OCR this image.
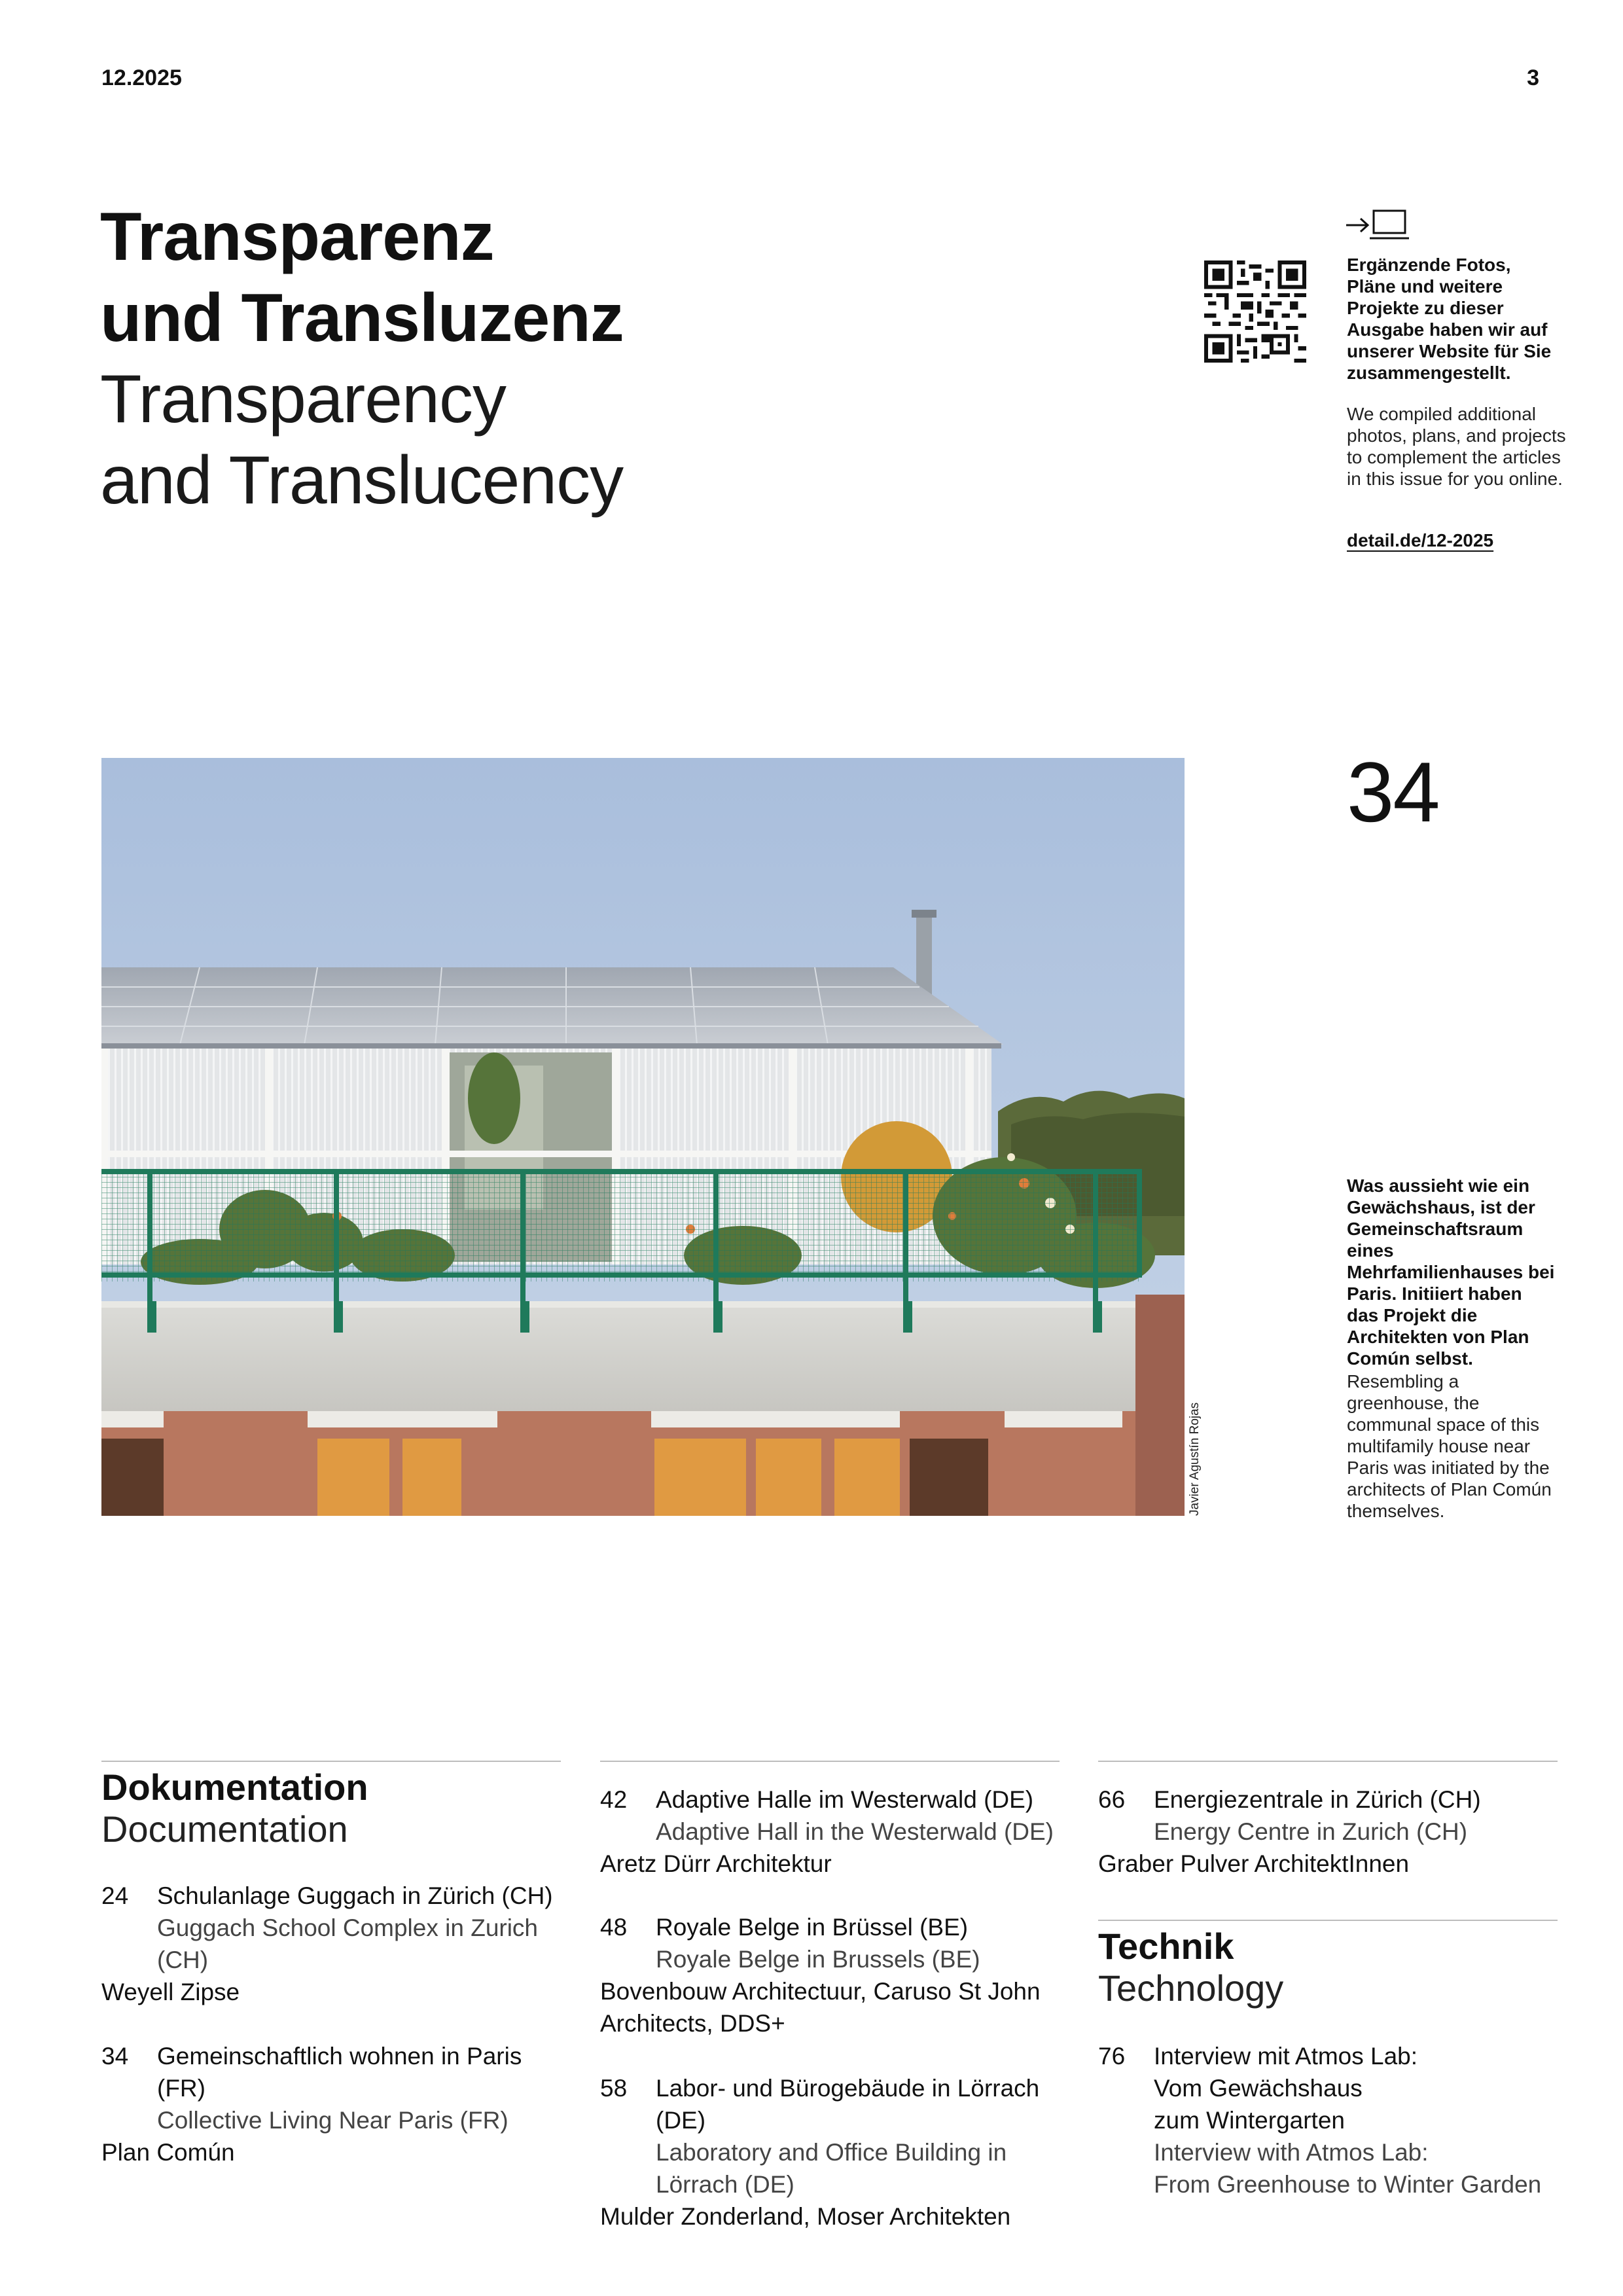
12.2025	3
Transparenz
und Transluzenz
Transparency
and Translucency
Ergänzende Fotos, Pläne und weitere Projekte zu dieser Ausgabe haben wir auf unserer Website für Sie zusammengestellt.
We compiled additional photos, plans, and projects to complement the articles in this issue for you online.
detail.de/12-2025
Javier Agustín Rojas
34
Was aussieht wie ein Gewächshaus, ist der Gemeinschaftsraum eines Mehrfamilienhauses bei Paris. Initiiert haben das Projekt die Architekten von Plan Común selbst.
Resembling a greenhouse, the communal space of this multifamily house near Paris was initiated by the architects of Plan Común themselves.
Dokumentation
Documentation
24	Schulanlage Guggach in Zürich (CH)
Guggach School Complex in Zurich (CH)
Weyell Zipse
34	Gemeinschaftlich wohnen in Paris (FR)
Collective Living Near Paris (FR)
Plan Común
42	Adaptive Halle im Westerwald (DE)
Adaptive Hall in the Westerwald (DE)
Aretz Dürr Architektur
48	Royale Belge in Brüssel (BE)
Royale Belge in Brussels (BE)
Bovenbouw Architectuur, Caruso St John Architects, DDS+
58	Labor- und Bürogebäude in Lörrach (DE)
Laboratory and Office Building in Lörrach (DE)
Mulder Zonderland, Moser Architekten
66	Energiezentrale in Zürich (CH)
Energy Centre in Zurich (CH)
Graber Pulver ArchitektInnen
Technik
Technology
76	Interview mit Atmos Lab:
Vom Gewächshaus
zum Wintergarten
Interview with Atmos Lab:
From Greenhouse to Winter Garden
